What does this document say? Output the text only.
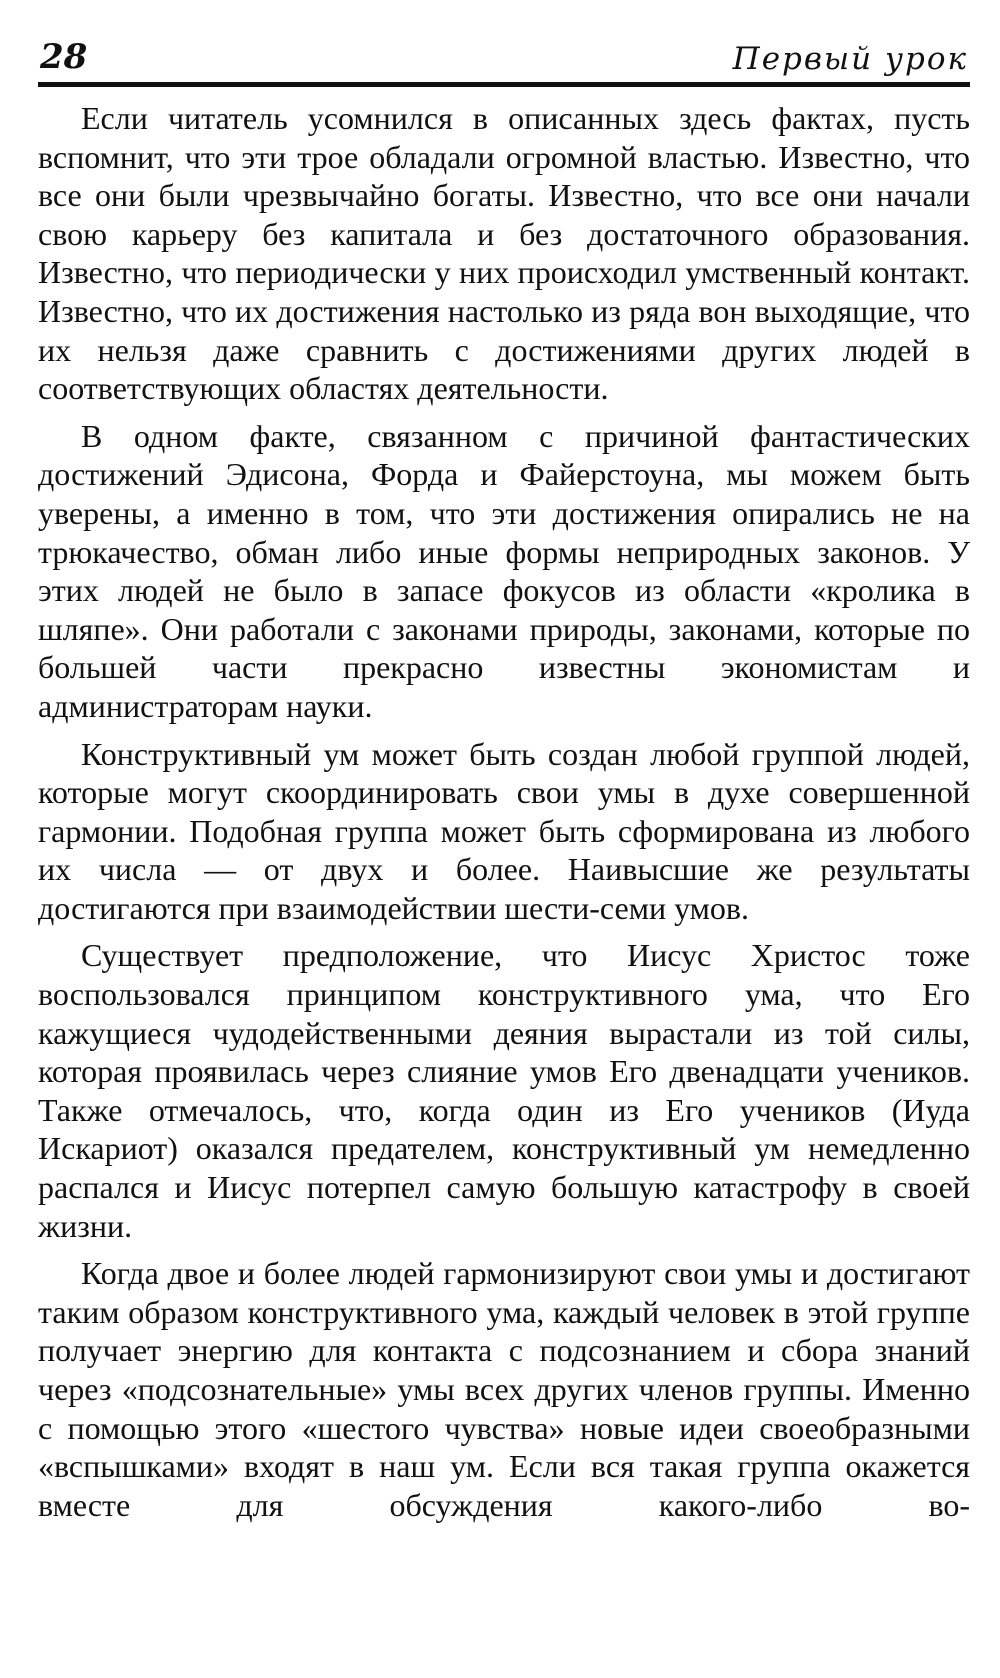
28	Первый урок

Если читатель усомнился в описанных здесь фактах, пусть вспомнит, что эти трое обладали огромной властью. Известно, что все они были чрезвычайно богаты. Известно, что все они начали свою карьеру без капитала и без достаточного образования. Известно, что периодически у них происходил умственный контакт. Известно, что их достижения настолько из ряда вон выходящие, что их нельзя даже сравнить с достижениями других людей в соответствующих областях деятельности.

В одном факте, связанном с причиной фантастических достижений Эдисона, Форда и Файерстоуна, мы можем быть уверены, а именно в том, что эти достижения опирались не на трюкачество, обман либо иные формы неприродных законов. У этих людей не было в запасе фокусов из области «кролика в шляпе». Они работали с законами природы, законами, которые по большей части прекрасно известны экономистам и администраторам науки.

Конструктивный ум может быть создан любой группой людей, которые могут скоординировать свои умы в духе совершенной гармонии. Подобная группа может быть сформирована из любого их числа — от двух и более. Наивысшие же результаты достигаются при взаимодействии шести-семи умов.

Существует предположение, что Иисус Христос тоже воспользовался принципом конструктивного ума, что Его кажущиеся чудодейственными деяния вырастали из той силы, которая проявилась через слияние умов Его двенадцати учеников. Также отмечалось, что, когда один из Его учеников (Иуда Искариот) оказался предателем, конструктивный ум немедленно распался и Иисус потерпел самую большую катастрофу в своей жизни.

Когда двое и более людей гармонизируют свои умы и достигают таким образом конструктивного ума, каждый человек в этой группе получает энергию для контакта с подсознанием и сбора знаний через «подсознательные» умы всех других членов группы. Именно с помощью этого «шестого чувства» новые идеи своеобразными «вспышками» входят в наш ум. Если вся такая группа окажется вместе для обсуждения какого-либо во-
